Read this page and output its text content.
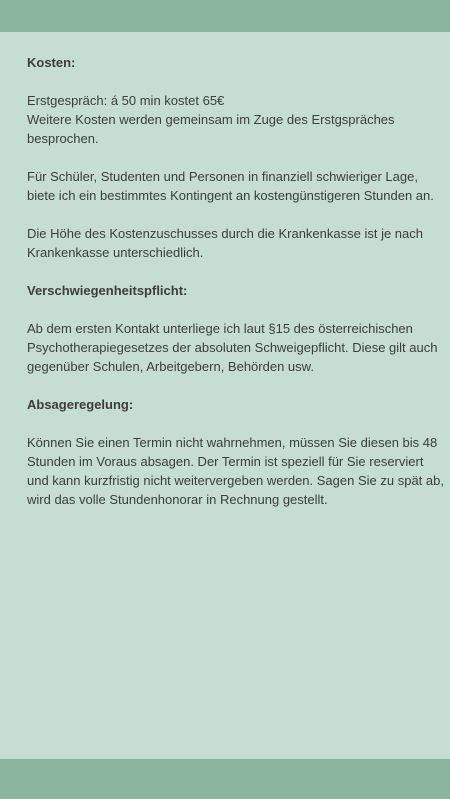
Kosten:

Erstgespräch: á 50 min kostet 65€

Weitere Kosten werden gemeinsam im Zuge des Erstgspräches besprochen.

Für Schüler, Studenten und Personen in finanziell schwieriger Lage, biete ich ein bestimmtes Kontingent an kostengünstigeren Stunden an.

Die Höhe des Kostenzuschusses durch die Krankenkasse ist je nach Krankenkasse unterschiedlich.

Verschwiegenheitspflicht:

Ab dem ersten Kontakt unterliege ich laut §15 des österreichischen Psychotherapiegesetzes der absoluten Schweigepflicht. Diese gilt auch gegenüber Schulen, Arbeitgebern, Behörden usw.

Absageregelung:

Können Sie einen Termin nicht wahrnehmen, müssen Sie diesen bis 48 Stunden im Voraus absagen. Der Termin ist speziell für Sie reserviert und kann kurzfristig nicht weitervergeben werden. Sagen Sie zu spät ab, wird das volle Stundenhonorar in Rechnung gestellt.
